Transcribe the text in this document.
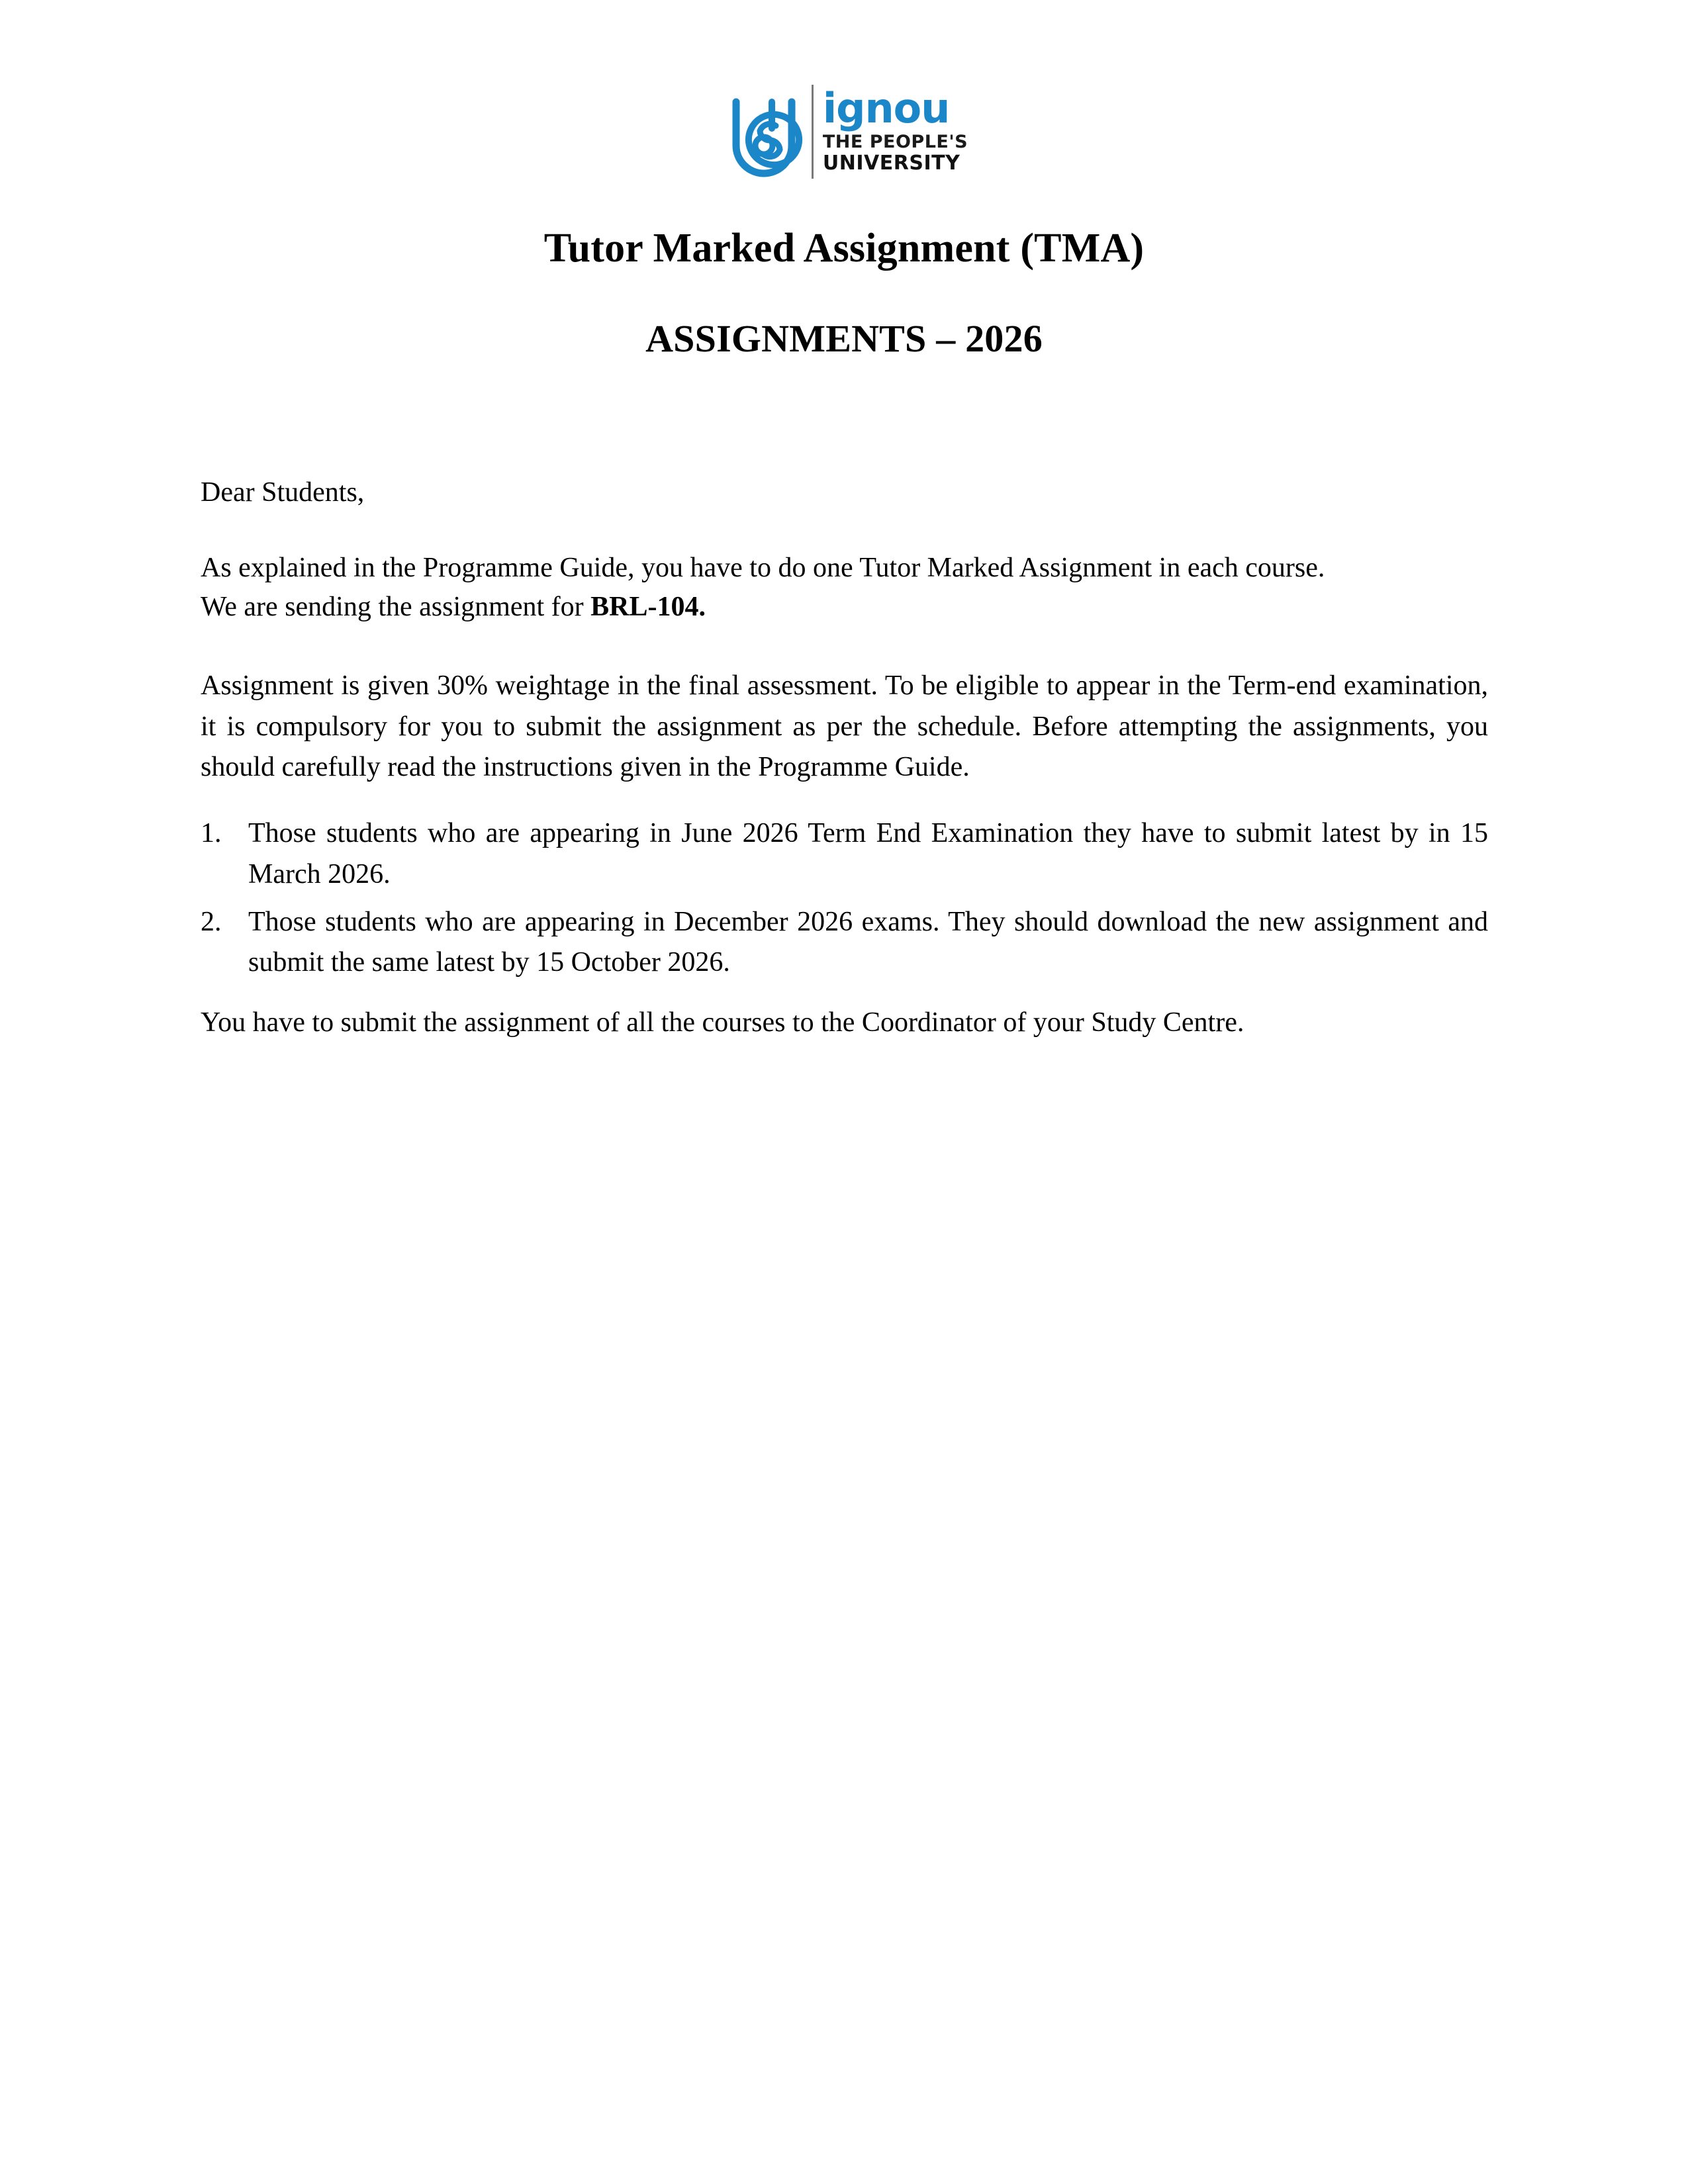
ignou
THE PEOPLE'S
UNIVERSITY
Tutor Marked Assignment (TMA)
ASSIGNMENTS – 2026

Dear Students,

As explained in the Programme Guide, you have to do one Tutor Marked Assignment in each course.

We are sending the assignment for BRL-104.

Assignment is given 30% weightage in the final assessment. To be eligible to appear in the Term-end examination, it is compulsory for you to submit the assignment as per the schedule. Before attempting the assignments, you should carefully read the instructions given in the Programme Guide.

1. Those students who are appearing in June 2026 Term End Examination they have to submit latest by in 15 March 2026.
2. Those students who are appearing in December 2026 exams. They should download the new assignment and submit the same latest by 15 October 2026.

You have to submit the assignment of all the courses to the Coordinator of your Study Centre.
